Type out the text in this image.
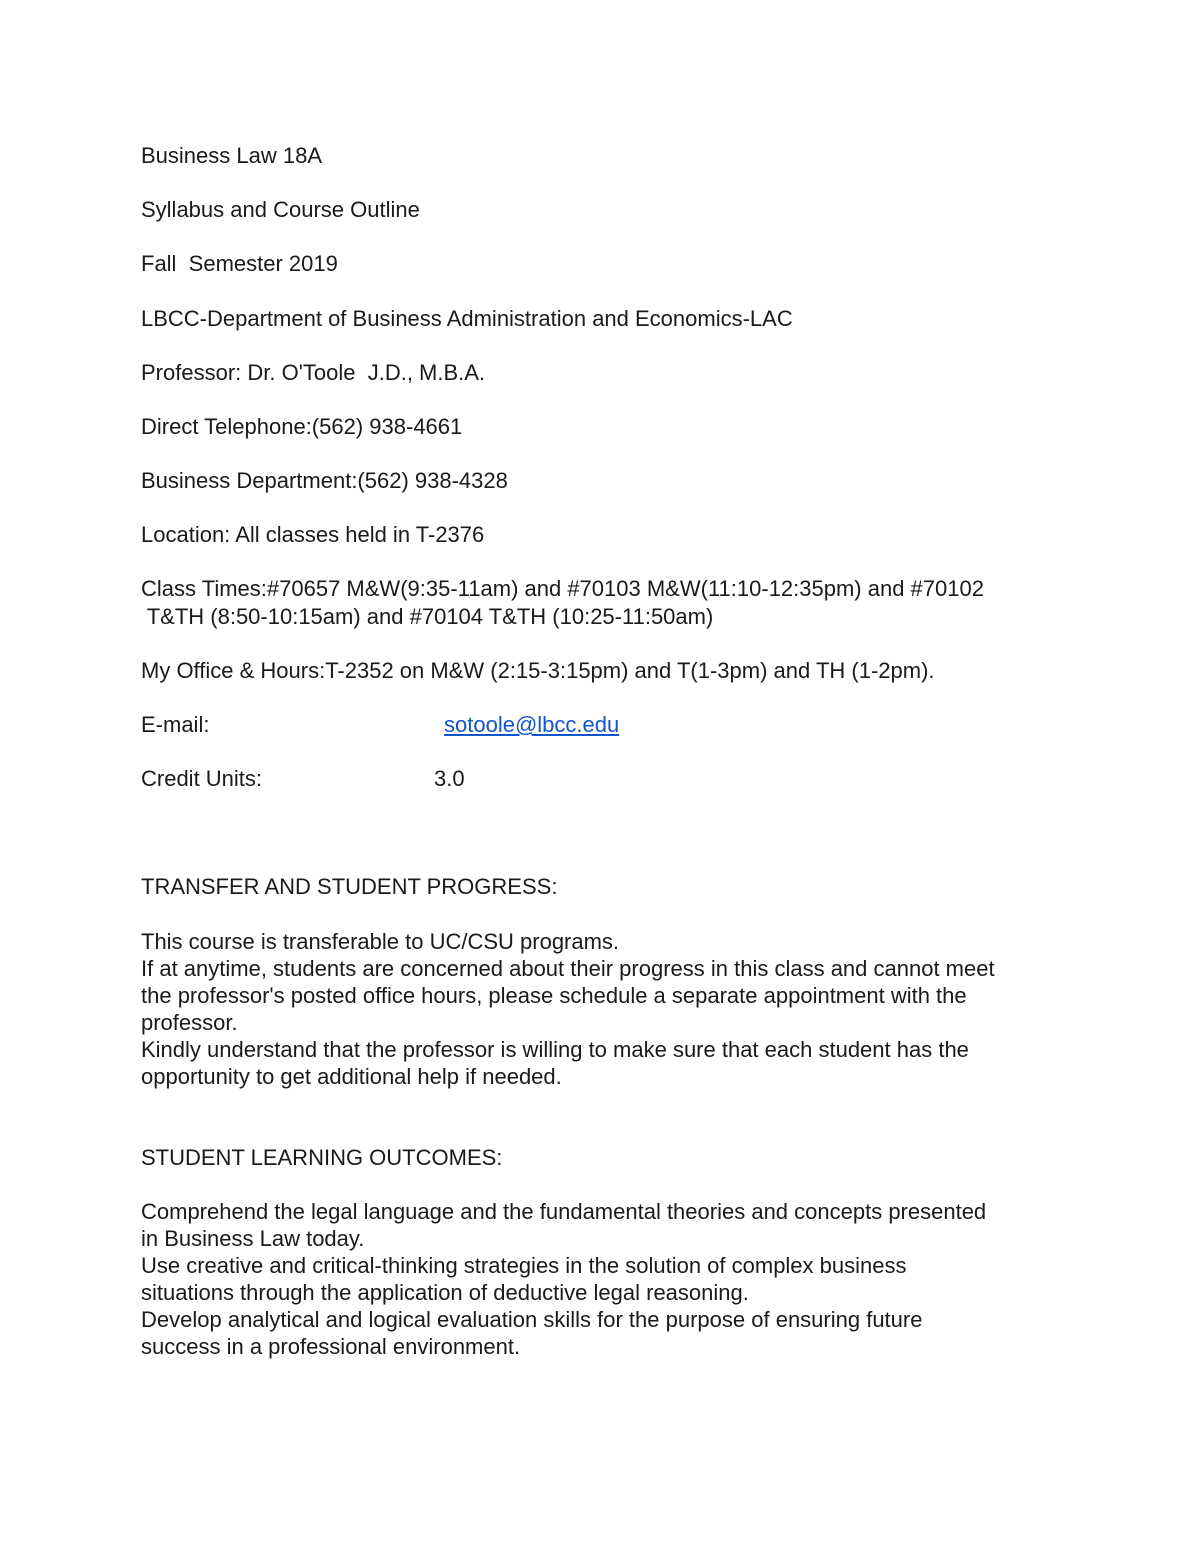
Business Law 18A
Syllabus and Course Outline
Fall  Semester 2019
LBCC-Department of Business Administration and Economics-LAC
Professor: Dr. O'Toole  J.D., M.B.A.
Direct Telephone:(562) 938-4661
Business Department:(562) 938-4328
Location: All classes held in T-2376
Class Times:#70657 M&W(9:35-11am) and #70103 M&W(11:10-12:35pm) and #70102
T&TH (8:50-10:15am) and #70104 T&TH (10:25-11:50am)
My Office & Hours:T-2352 on M&W (2:15-3:15pm) and T(1-3pm) and TH (1-2pm).
E-mail:	sotoole@lbcc.edu
Credit Units:	3.0
TRANSFER AND STUDENT PROGRESS:
This course is transferable to UC/CSU programs.
If at anytime, students are concerned about their progress in this class and cannot meet
the professor's posted office hours, please schedule a separate appointment with the
professor.
Kindly understand that the professor is willing to make sure that each student has the
opportunity to get additional help if needed.
STUDENT LEARNING OUTCOMES:
Comprehend the legal language and the fundamental theories and concepts presented
in Business Law today.
Use creative and critical-thinking strategies in the solution of complex business
situations through the application of deductive legal reasoning.
Develop analytical and logical evaluation skills for the purpose of ensuring future
success in a professional environment.
